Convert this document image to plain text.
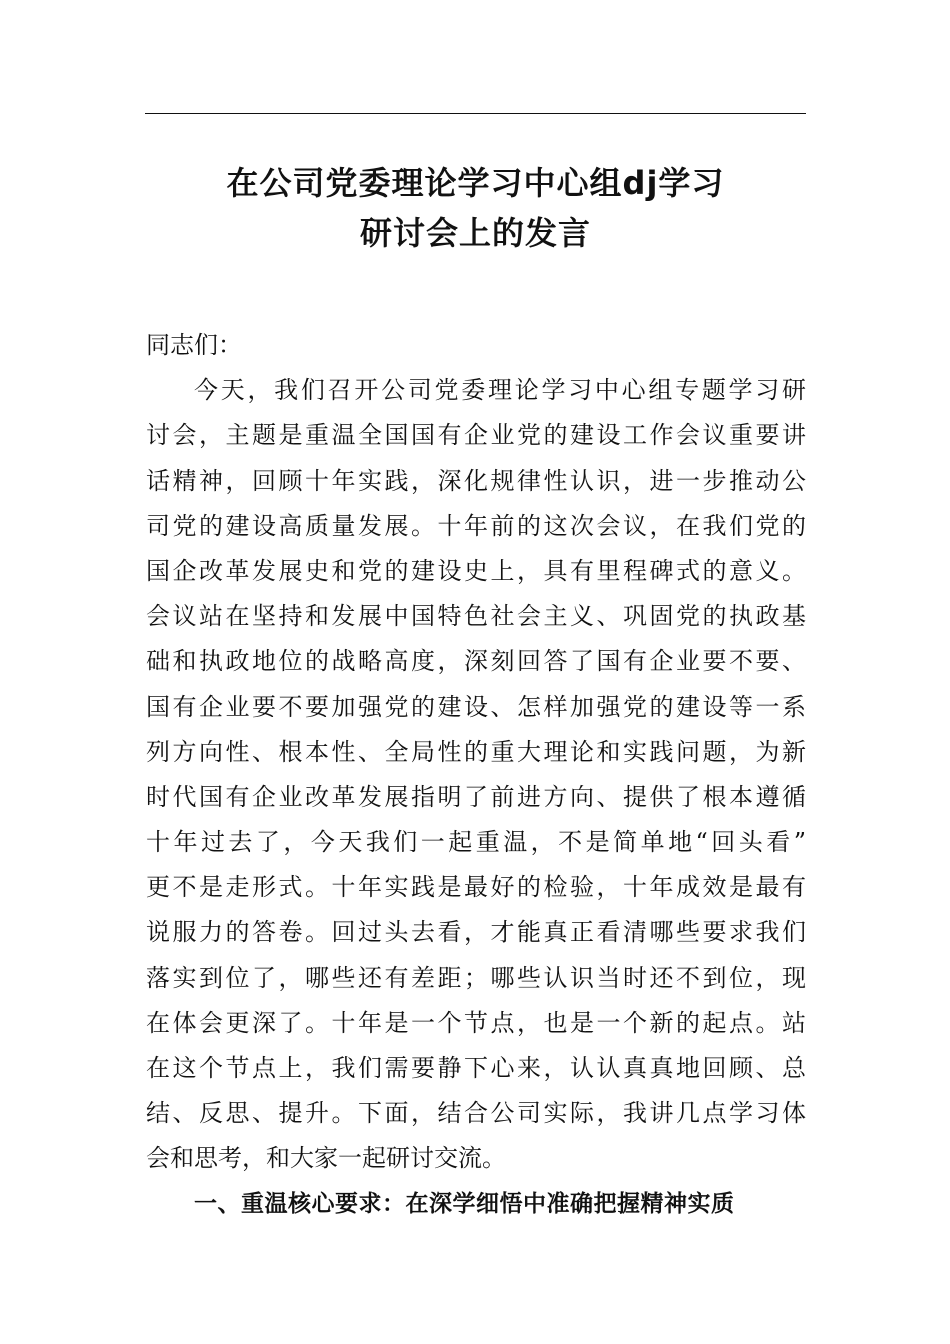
在公司党委理论学习中心组dj学习
研讨会上的发言
同志们：
今天，我们召开公司党委理论学习中心组专题学习研
讨会，主题是重温全国国有企业党的建设工作会议重要讲
话精神，回顾十年实践，深化规律性认识，进一步推动公
司党的建设高质量发展。十年前的这次会议，在我们党的
国企改革发展史和党的建设史上，具有里程碑式的意义。
会议站在坚持和发展中国特色社会主义、巩固党的执政基
础和执政地位的战略高度，深刻回答了国有企业要不要、
国有企业要不要加强党的建设、怎样加强党的建设等一系
列方向性、根本性、全局性的重大理论和实践问题，为新
时代国有企业改革发展指明了前进方向、提供了根本遵循
十年过去了，今天我们一起重温，不是简单地“回头看”
更不是走形式。十年实践是最好的检验，十年成效是最有
说服力的答卷。回过头去看，才能真正看清哪些要求我们
落实到位了，哪些还有差距；哪些认识当时还不到位，现
在体会更深了。十年是一个节点，也是一个新的起点。站
在这个节点上，我们需要静下心来，认认真真地回顾、总
结、反思、提升。下面，结合公司实际，我讲几点学习体
会和思考，和大家一起研讨交流。
一、重温核心要求：在深学细悟中准确把握精神实质
